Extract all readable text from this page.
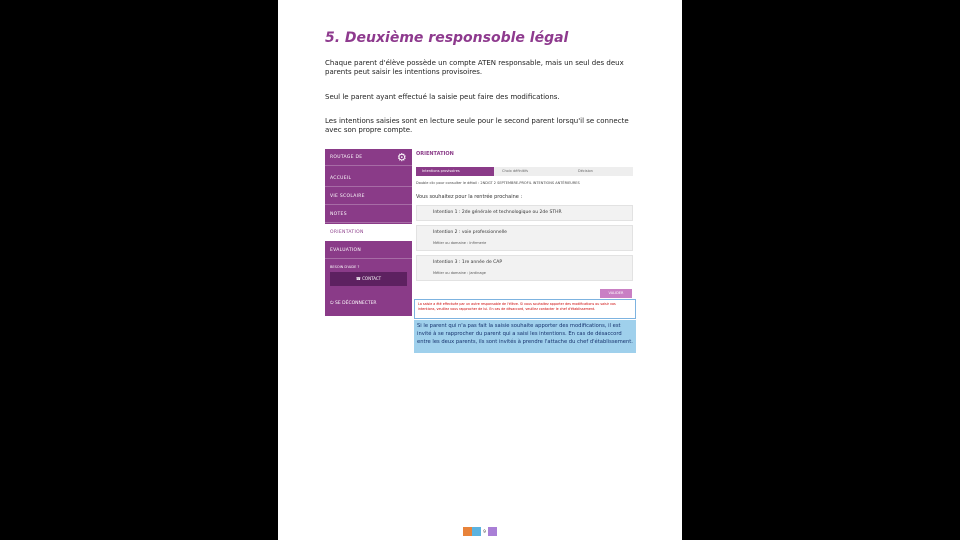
5. Deuxième responsoble légal
Chaque parent d'élève possède un compte ATEN responsable, mais un seul des deux parents peut saisir les intentions provisoires.
Seul le parent ayant effectué la saisie peut faire des modifications.
Les intentions saisies sont en lecture seule pour le second parent lorsqu'il se connecte avec son propre compte.
ROUTAGE DE	⚙
ACCUEIL
VIE SCOLAIRE
NOTES
ORIENTATION
EVALUATION
BESOIN D'AIDE ?
☎ CONTACT
⏻ SE DÉCONNECTER
ORIENTATION
Intentions provisoires	Choix définitifs	Décision
Double clic pour consulter le détail : 2NDGT 2 SEPTEMBRE-PROFIL INTENTIONS ANTÉRIEURES
Vous souhaitez pour la rentrée prochaine :
Intention 1 : 2de générale et technologique ou 2de STHR
Intention 2 : voie professionnelle
Métier ou domaine : Infirmerie
Intention 3 : 1re année de CAP
Métier ou domaine : Jardinage
VALIDER
La saisie a été effectuée par un autre responsable de l'élève. Si vous souhaitez apporter des modifications ou saisir vos intentions, veuillez vous rapprocher de lui. En cas de désaccord, veuillez contacter le chef d'établissement.
Si le parent qui n'a pas fait la saisie souhaite apporter des modifications, il est invité à se rapprocher du parent qui a saisi les intentions. En cas de désaccord entre les deux parents, ils sont invités à prendre l'attache du chef d'établissement.
9
